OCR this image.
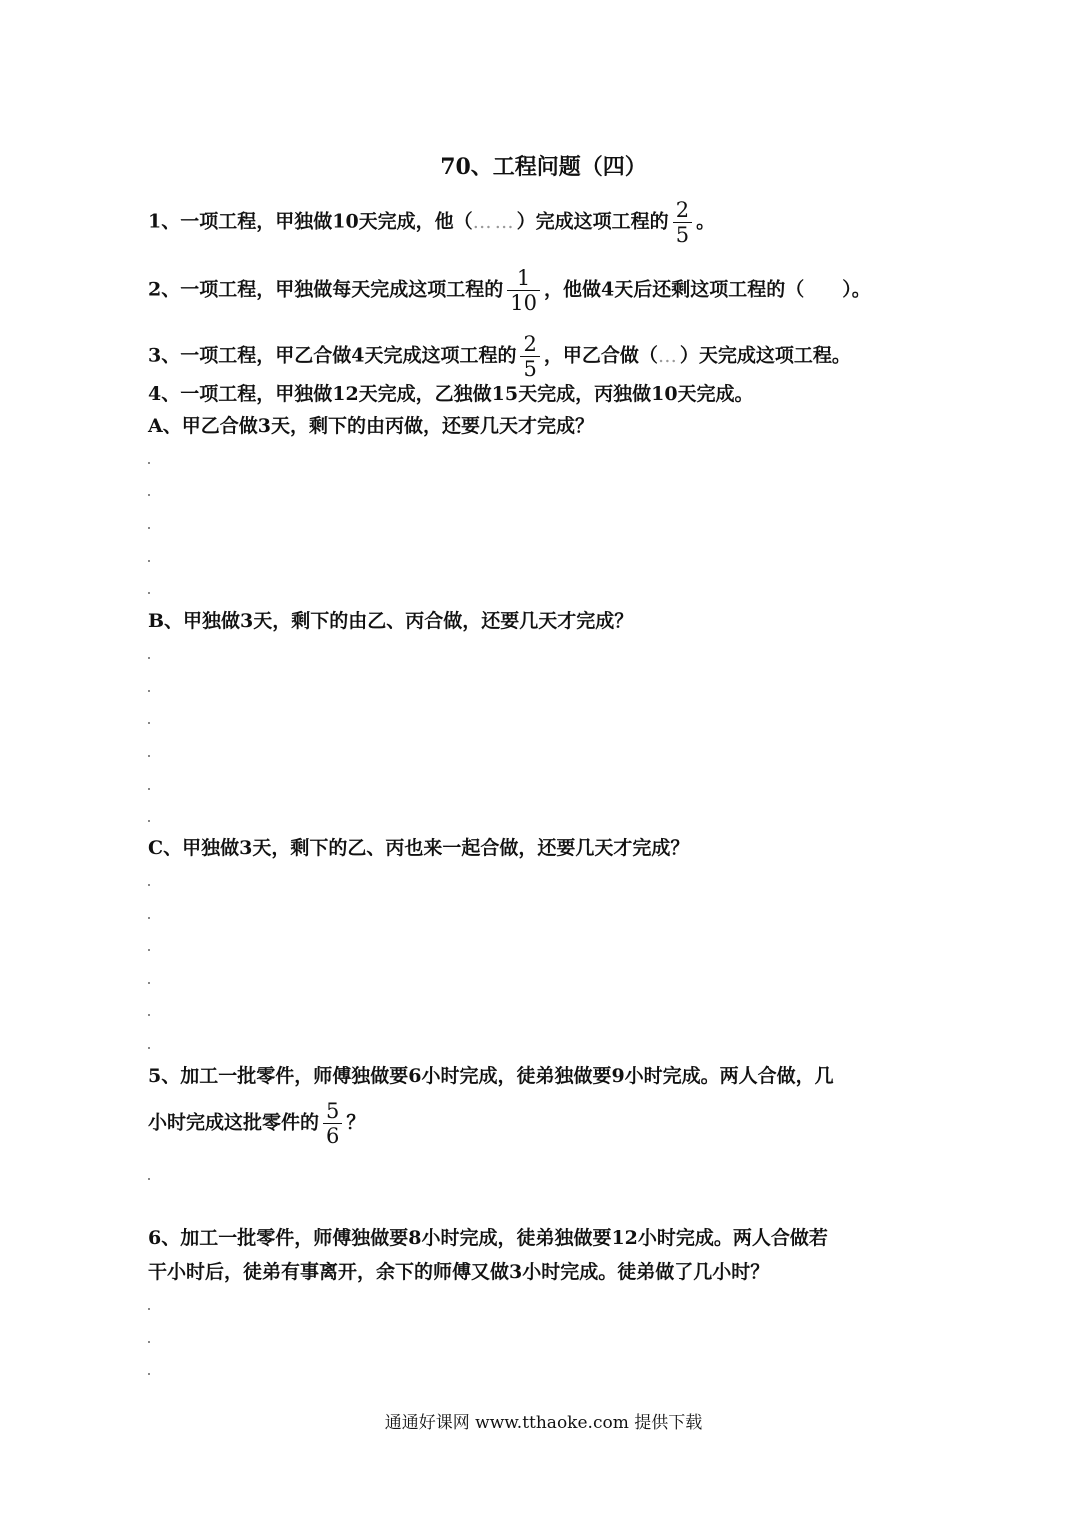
70、工程问题（四）
1、一项工程，甲独做10天完成，他（……）完成这项工程的 $\frac{2}{5}$ 。
2、一项工程，甲独做每天完成这项工程的 $\frac{1}{10}$ ，他做4天后还剩这项工程的（　　）。
3、一项工程，甲乙合做4天完成这项工程的 $\frac{2}{5}$ ，甲乙合做（…）天完成这项工程。
4、一项工程，甲独做12天完成，乙独做15天完成，丙独做10天完成。
A、甲乙合做3天，剩下的由丙做，还要几天才完成？
B、甲独做3天，剩下的由乙、丙合做，还要几天才完成？
C、甲独做3天，剩下的乙、丙也来一起合做，还要几天才完成？
5、加工一批零件，师傅独做要6小时完成，徒弟独做要9小时完成。两人合做，几
小时完成这批零件的 $\frac{5}{6}$ ？
6、加工一批零件，师傅独做要8小时完成，徒弟独做要12小时完成。两人合做若
干小时后，徒弟有事离开，余下的师傅又做3小时完成。徒弟做了几小时？
通通好课网 www.tthaoke.com 提供下载
